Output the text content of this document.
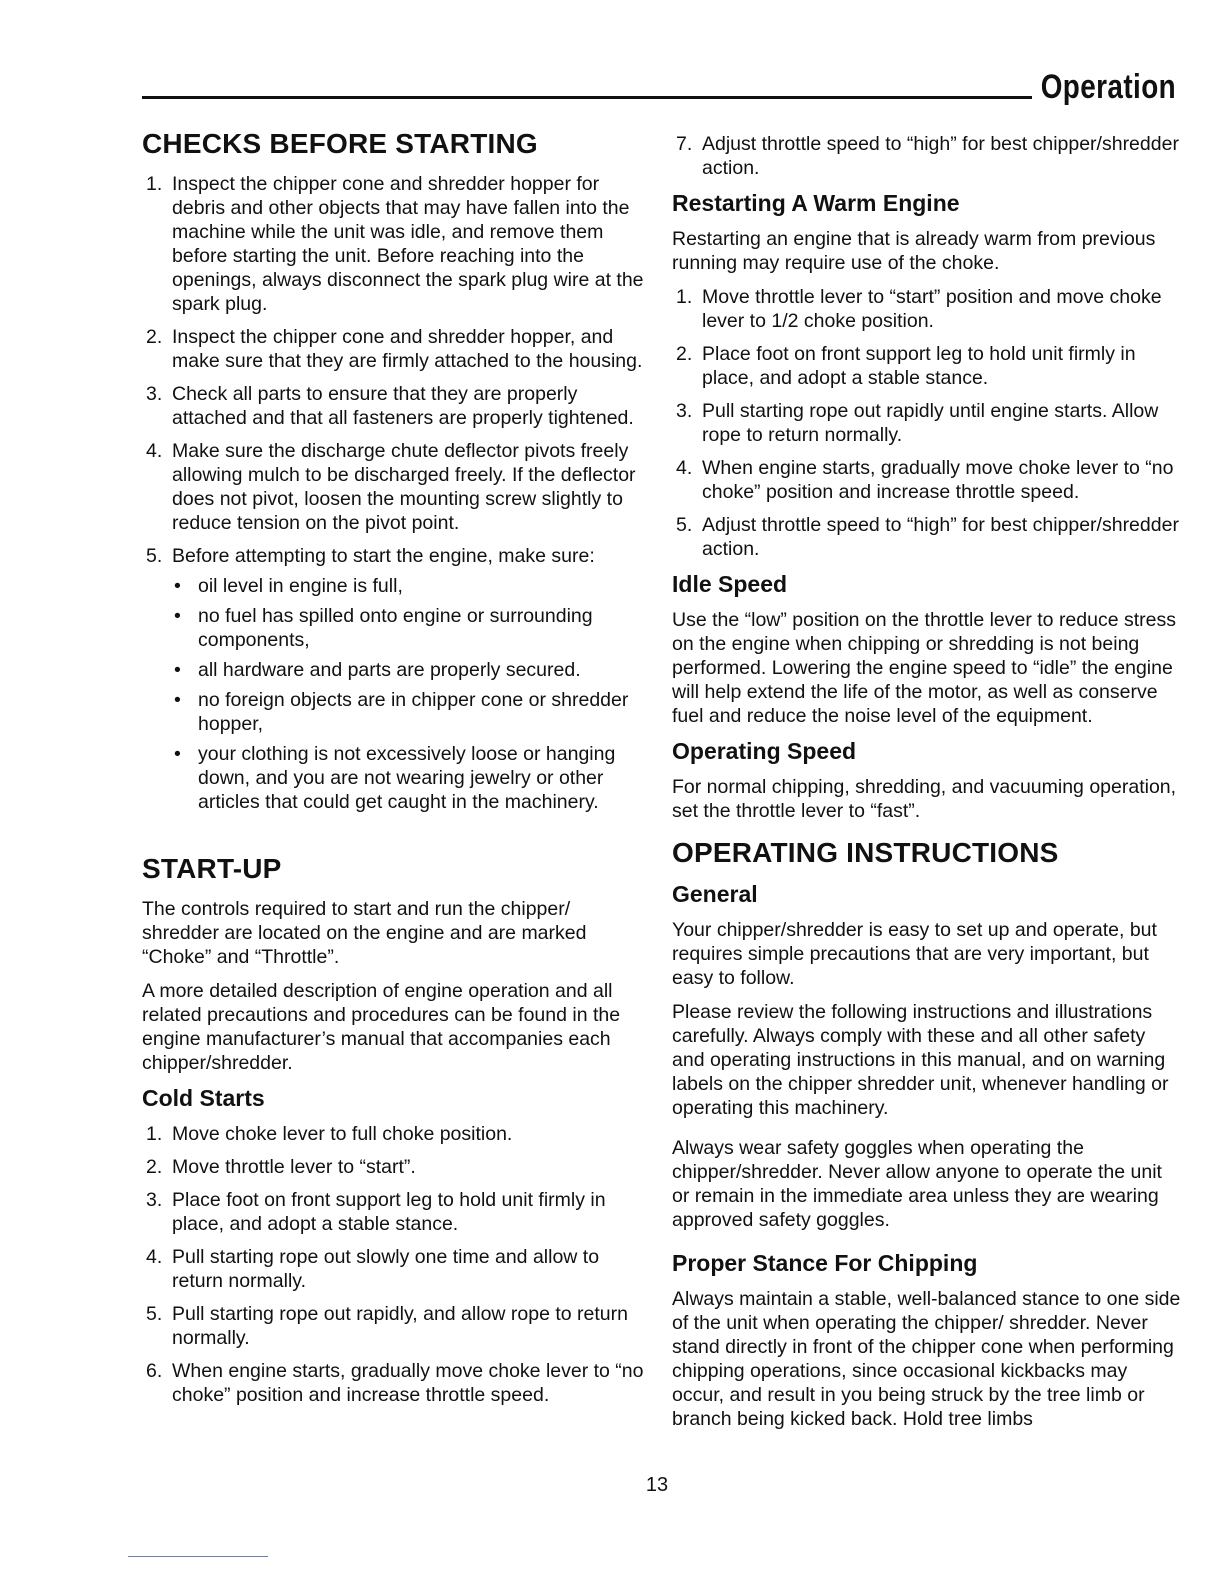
Operation
CHECKS BEFORE STARTING
1. Inspect the chipper cone and shredder hopper for debris and other objects that may have fallen into the machine while the unit was idle, and remove them before starting the unit. Before reaching into the openings, always disconnect the spark plug wire at the spark plug.
2. Inspect the chipper cone and shredder hopper, and make sure that they are firmly attached to the housing.
3. Check all parts to ensure that they are properly attached and that all fasteners are properly tightened.
4. Make sure the discharge chute deflector pivots freely allowing mulch to be discharged freely. If the deflector does not pivot, loosen the mounting screw slightly to reduce tension on the pivot point.
5. Before attempting to start the engine, make sure:
• oil level in engine is full,
• no fuel has spilled onto engine or surrounding components,
• all hardware and parts are properly secured.
• no foreign objects are in chipper cone or shredder hopper,
• your clothing is not excessively loose or hanging down, and you are not wearing jewelry or other articles that could get caught in the machinery.
START-UP

The controls required to start and run the chipper/ shredder are located on the engine and are marked “Choke” and “Throttle”.

A more detailed description of engine operation and all related precautions and procedures can be found in the engine manufacturer’s manual that accompanies each chipper/shredder.

Cold Starts
1. Move choke lever to full choke position.
2. Move throttle lever to “start”.
3. Place foot on front support leg to hold unit firmly in place, and adopt a stable stance.
4. Pull starting rope out slowly one time and allow to return normally.
5. Pull starting rope out rapidly, and allow rope to return normally.
6. When engine starts, gradually move choke lever to “no choke” position and increase throttle speed.
7. Adjust throttle speed to “high” for best chipper/shredder action.
Restarting A Warm Engine

Restarting an engine that is already warm from previous running may require use of the choke.

1. Move throttle lever to “start” position and move choke lever to 1/2 choke position.
2. Place foot on front support leg to hold unit firmly in place, and adopt a stable stance.
3. Pull starting rope out rapidly until engine starts. Allow rope to return normally.
4. When engine starts, gradually move choke lever to “no choke” position and increase throttle speed.
5. Adjust throttle speed to “high” for best chipper/shredder action.
Idle Speed

Use the “low” position on the throttle lever to reduce stress on the engine when chipping or shredding is not being performed. Lowering the engine speed to “idle” the engine will help extend the life of the motor, as well as conserve fuel and reduce the noise level of the equipment.

Operating Speed

For normal chipping, shredding, and vacuuming operation, set the throttle lever to “fast”.

OPERATING INSTRUCTIONS
General

Your chipper/shredder is easy to set up and operate, but requires simple precautions that are very important, but easy to follow.

Please review the following instructions and illustrations carefully. Always comply with these and all other safety and operating instructions in this manual, and on warning labels on the chipper shredder unit, whenever handling or operating this machinery.

Always wear safety goggles when operating the chipper/shredder. Never allow anyone to operate the unit or remain in the immediate area unless they are wearing approved safety goggles.

Proper Stance For Chipping

Always maintain a stable, well-balanced stance to one side of the unit when operating the chipper/ shredder. Never stand directly in front of the chipper cone when performing chipping operations, since occasional kickbacks may occur, and result in you being struck by the tree limb or branch being kicked back. Hold tree limbs

13
